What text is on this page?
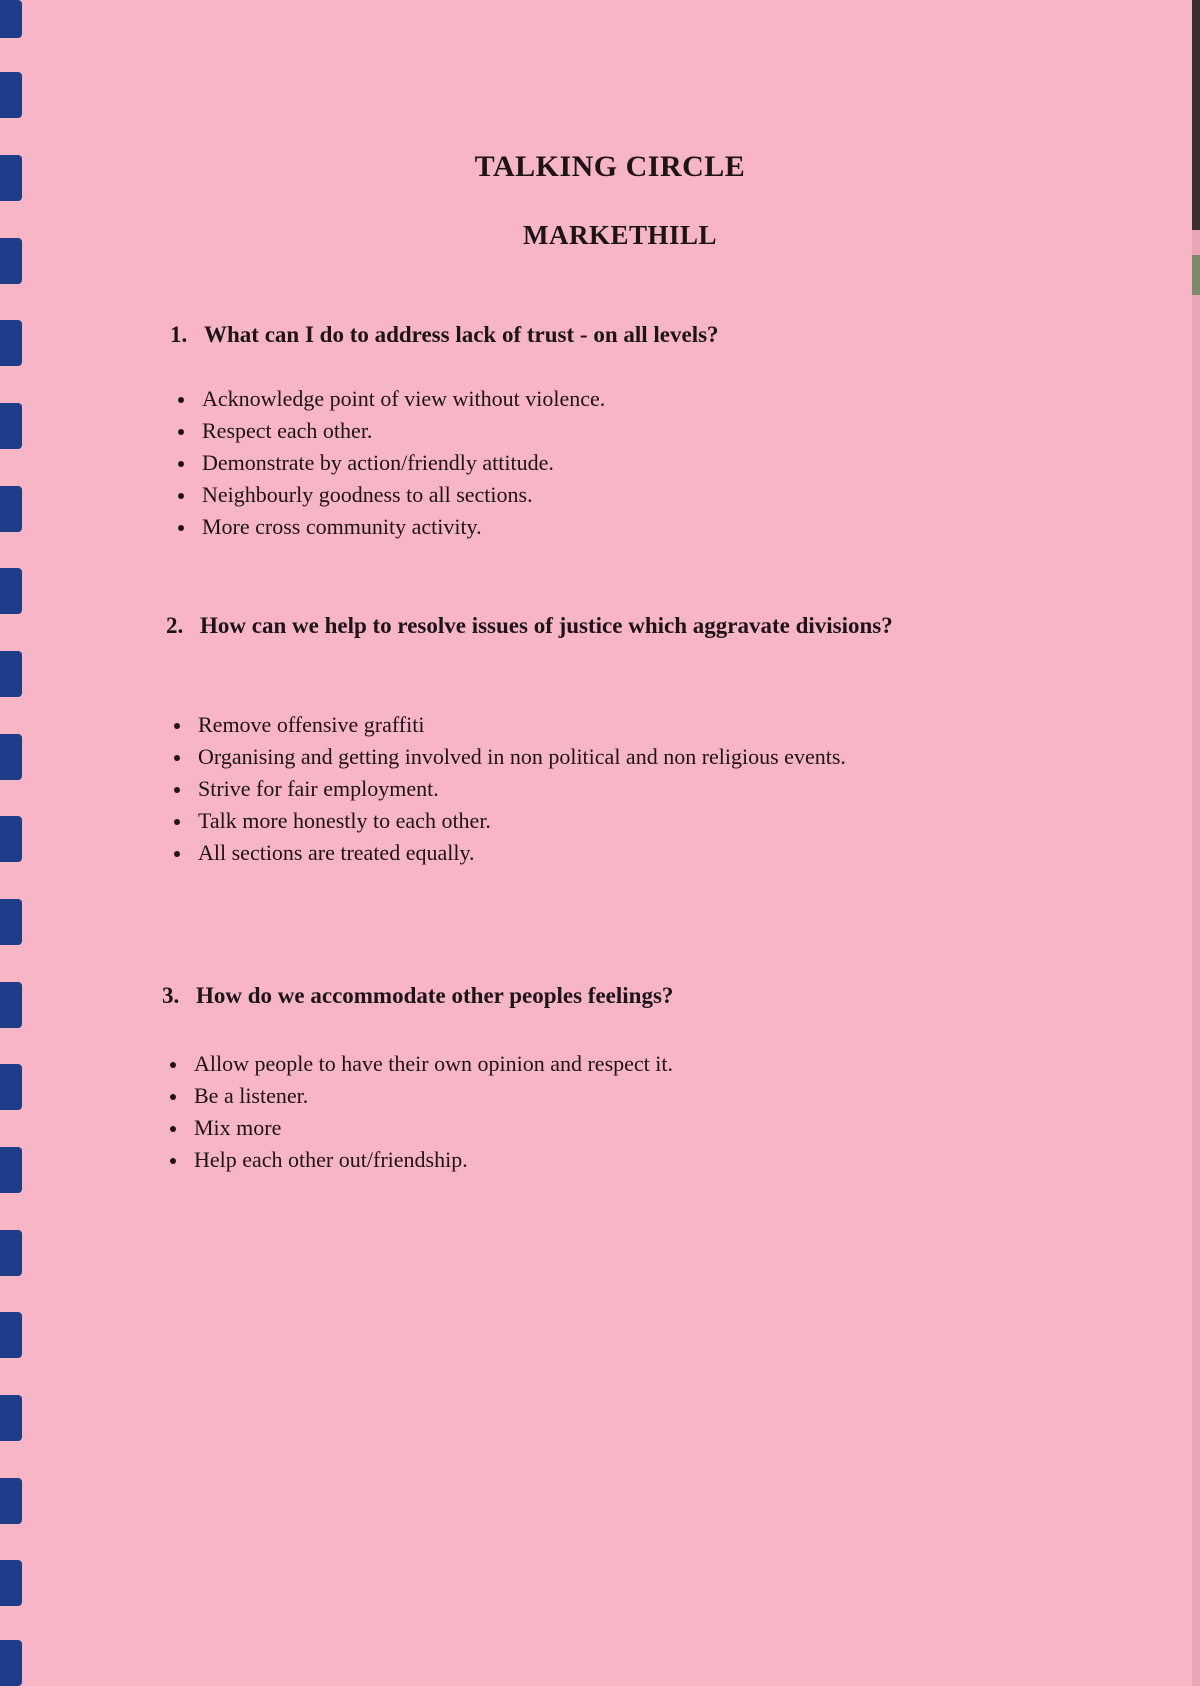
TALKING CIRCLE
MARKETHILL
1. What can I do to address lack of trust - on all levels?
Acknowledge point of view without violence.
Respect each other.
Demonstrate by action/friendly attitude.
Neighbourly goodness to all sections.
More cross community activity.
2. How can we help to resolve issues of justice which aggravate divisions?
Remove offensive graffiti
Organising and getting involved in non political and non religious events.
Strive for fair employment.
Talk more honestly to each other.
All sections are treated equally.
3. How do we accommodate other peoples feelings?
Allow people to have their own opinion and respect it.
Be a listener.
Mix more
Help each other out/friendship.
